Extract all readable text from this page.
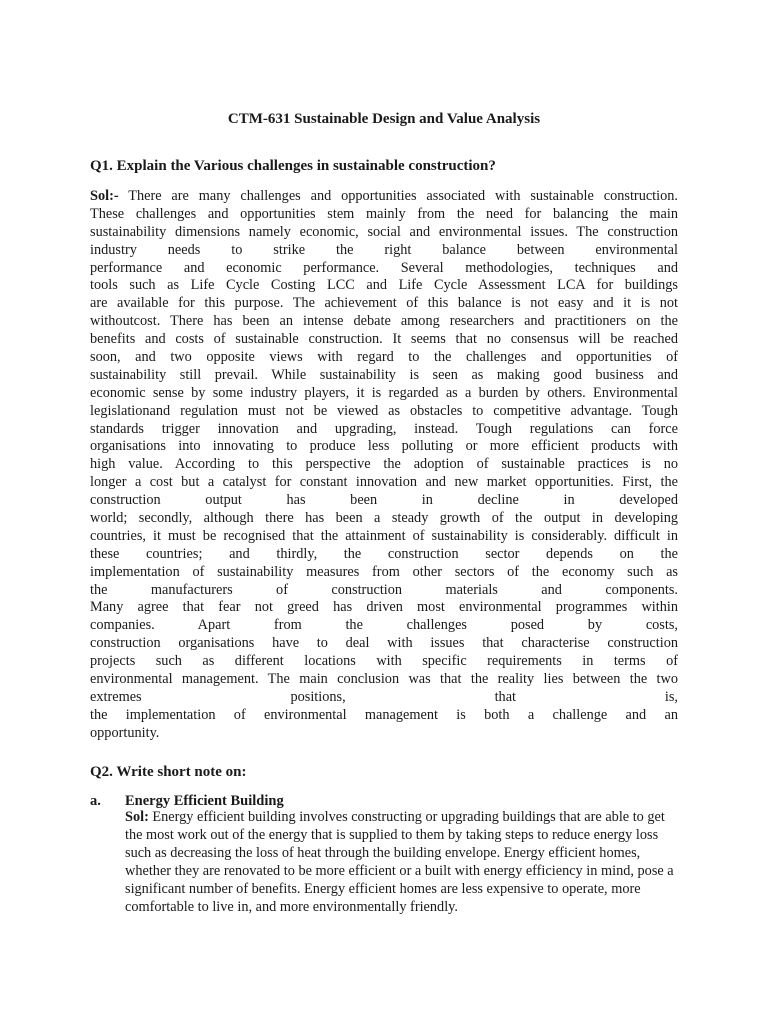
CTM-631 Sustainable Design and Value Analysis

Q1. Explain the Various challenges in sustainable construction?

Sol:- There are many challenges and opportunities associated with sustainable construction.
These challenges and opportunities stem mainly from the need for balancing the main
sustainability dimensions namely economic, social and environmental issues. The construction
industry needs to strike the right balance between environmental
performance and economic performance. Several methodologies, techniques and
tools such as Life Cycle Costing LCC and Life Cycle Assessment LCA for buildings
are available for this purpose. The achievement of this balance is not easy and it is not
withoutcost. There has been an intense debate among researchers and practitioners on the
benefits and costs of sustainable construction. It seems that no consensus will be reached
soon, and two opposite views with regard to the challenges and opportunities of
sustainability still prevail. While sustainability is seen as making good business and
economic sense by some industry players, it is regarded as a burden by others. Environmental
legislationand regulation must not be viewed as obstacles to competitive advantage. Tough
standards trigger innovation and upgrading, instead. Tough regulations can force
organisations into innovating to produce less polluting or more efficient products with
high value. According to this perspective the adoption of sustainable practices is no
longer a cost but a catalyst for constant innovation and new market opportunities. First, the
construction output has been in decline in developed
world; secondly, although there has been a steady growth of the output in developing
countries, it must be recognised that the attainment of sustainability is considerably. difficult in
these countries; and thirdly, the construction sector depends on the
implementation of sustainability measures from other sectors of the economy such as
the manufacturers of construction materials and components.
Many agree that fear not greed has driven most environmental programmes within
companies. Apart from the challenges posed by costs,
construction organisations have to deal with issues that characterise construction
projects such as different locations with specific requirements in terms of
environmental management. The main conclusion was that the reality lies between the two
extremes positions, that is,
the implementation of environmental management is both a challenge and an
opportunity.

Q2. Write short note on:

a. Energy Efficient Building
Sol: Energy efficient building involves constructing or upgrading buildings that are able to get the most work out of the energy that is supplied to them by taking steps to reduce energy loss such as decreasing the loss of heat through the building envelope. Energy efficient homes, whether they are renovated to be more efficient or a built with energy efficiency in mind, pose a significant number of benefits. Energy efficient homes are less expensive to operate, more comfortable to live in, and more environmentally friendly.
